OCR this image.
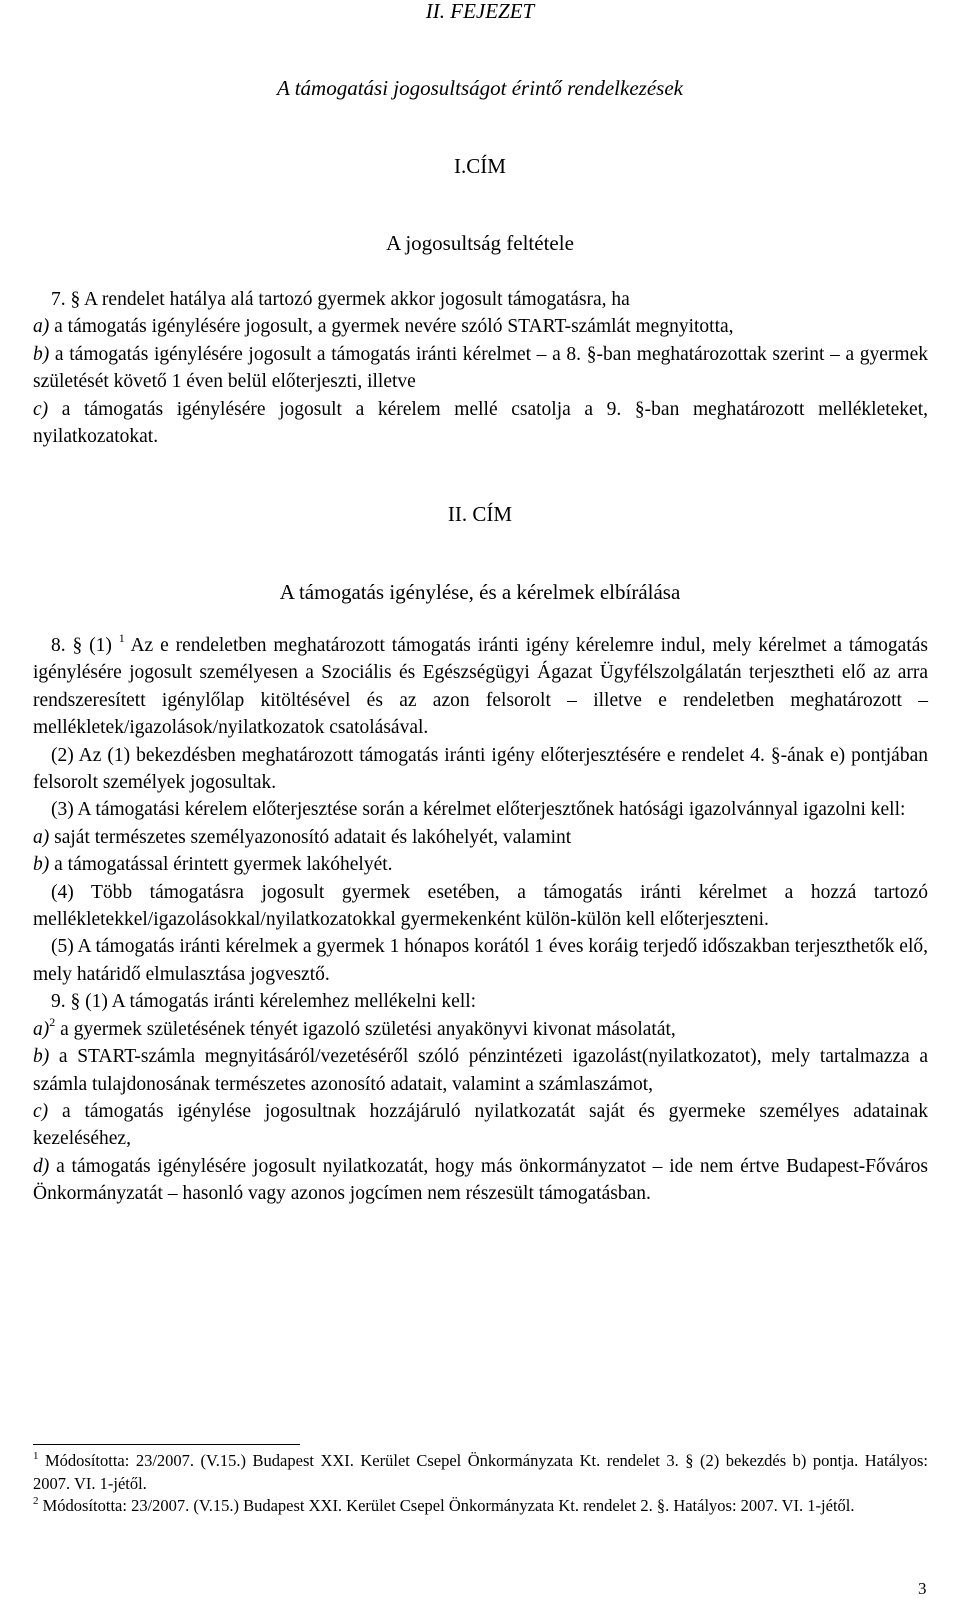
II. FEJEZET
A támogatási jogosultságot érintő rendelkezések
I.CÍM
A jogosultság feltétele

7. § A rendelet hatálya alá tartozó gyermek akkor jogosult támogatásra, ha

a) a támogatás igénylésére jogosult, a gyermek nevére szóló START-számlát megnyitotta,

b) a támogatás igénylésére jogosult a támogatás iránti kérelmet – a 8. §-ban meghatározottak szerint – a gyermek születését követő 1 éven belül előterjeszti, illetve

c) a támogatás igénylésére jogosult a kérelem mellé csatolja a 9. §-ban meghatározott mellékleteket, nyilatkozatokat.

II. CÍM
A támogatás igénylése, és a kérelmek elbírálása

8. § (1) $^1$ Az e rendeletben meghatározott támogatás iránti igény kérelemre indul, mely kérelmet a támogatás igénylésére jogosult személyesen a Szociális és Egészségügyi Ágazat Ügyfélszolgálatán terjesztheti elő az arra rendszeresített igénylőlap kitöltésével és az azon felsorolt – illetve e rendeletben meghatározott – mellékletek/igazolások/nyilatkozatok csatolásával.

(2) Az (1) bekezdésben meghatározott támogatás iránti igény előterjesztésére e rendelet 4. §-ának e) pontjában felsorolt személyek jogosultak.

(3) A támogatási kérelem előterjesztése során a kérelmet előterjesztőnek hatósági igazolvánnyal igazolni kell:

a) saját természetes személyazonosító adatait és lakóhelyét, valamint

b) a támogatással érintett gyermek lakóhelyét.

(4) Több támogatásra jogosult gyermek esetében, a támogatás iránti kérelmet a hozzá tartozó mellékletekkel/igazolásokkal/nyilatkozatokkal gyermekenként külön-külön kell előterjeszteni.

(5) A támogatás iránti kérelmek a gyermek 1 hónapos korától 1 éves koráig terjedő időszakban terjeszthetők elő, mely határidő elmulasztása jogvesztő.

9. § (1) A támogatás iránti kérelemhez mellékelni kell:

a)$^2$ a gyermek születésének tényét igazoló születési anyakönyvi kivonat másolatát,

b) a START-számla megnyitásáról/vezetéséről szóló pénzintézeti igazolást(nyilatkozatot), mely tartalmazza a számla tulajdonosának természetes azonosító adatait, valamint a számlaszámot,

c) a támogatás igénylése jogosultnak hozzájáruló nyilatkozatát saját és gyermeke személyes adatainak kezeléséhez,

d) a támogatás igénylésére jogosult nyilatkozatát, hogy más önkormányzatot – ide nem értve Budapest-Főváros Önkormányzatát – hasonló vagy azonos jogcímen nem részesült támogatásban.

$^1$ Módosította: 23/2007. (V.15.) Budapest XXI. Kerület Csepel Önkormányzata Kt. rendelet 3. § (2) bekezdés b) pontja. Hatályos: 2007. VI. 1-jétől.

$^2$ Módosította: 23/2007. (V.15.) Budapest XXI. Kerület Csepel Önkormányzata Kt. rendelet 2. §. Hatályos: 2007. VI. 1-jétől.

3
